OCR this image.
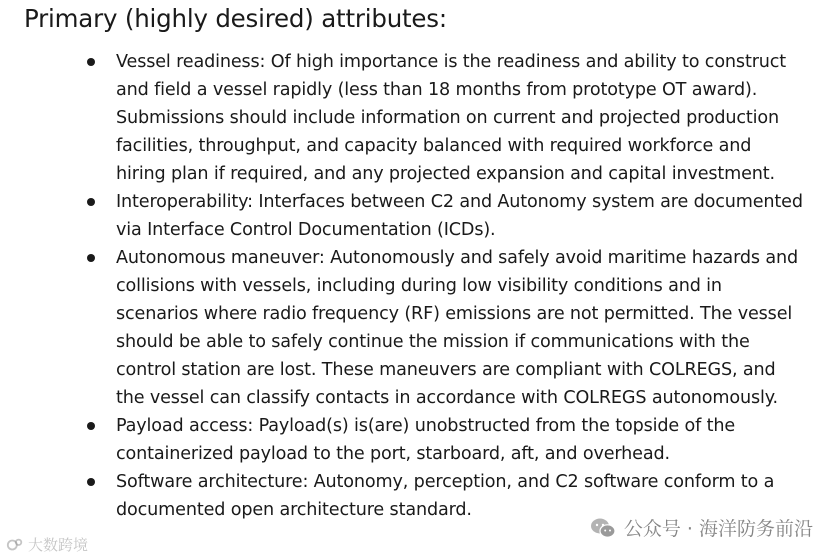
Primary (highly desired) attributes:
Vessel readiness: Of high importance is the readiness and ability to construct and field a vessel rapidly (less than 18 months from prototype OT award). Submissions should include information on current and projected production facilities, throughput, and capacity balanced with required workforce and hiring plan if required, and any projected expansion and capital investment.
Interoperability: Interfaces between C2 and Autonomy system are documented via Interface Control Documentation (ICDs).
Autonomous maneuver: Autonomously and safely avoid maritime hazards and collisions with vessels, including during low visibility conditions and in scenarios where radio frequency (RF) emissions are not permitted. The vessel should be able to safely continue the mission if communications with the control station are lost. These maneuvers are compliant with COLREGS, and the vessel can classify contacts in accordance with COLREGS autonomously.
Payload access: Payload(s) is(are) unobstructed from the topside of the containerized payload to the port, starboard, aft, and overhead.
Software architecture: Autonomy, perception, and C2 software conform to a documented open architecture standard.
大数跨境
公众号 · 海洋防务前沿
